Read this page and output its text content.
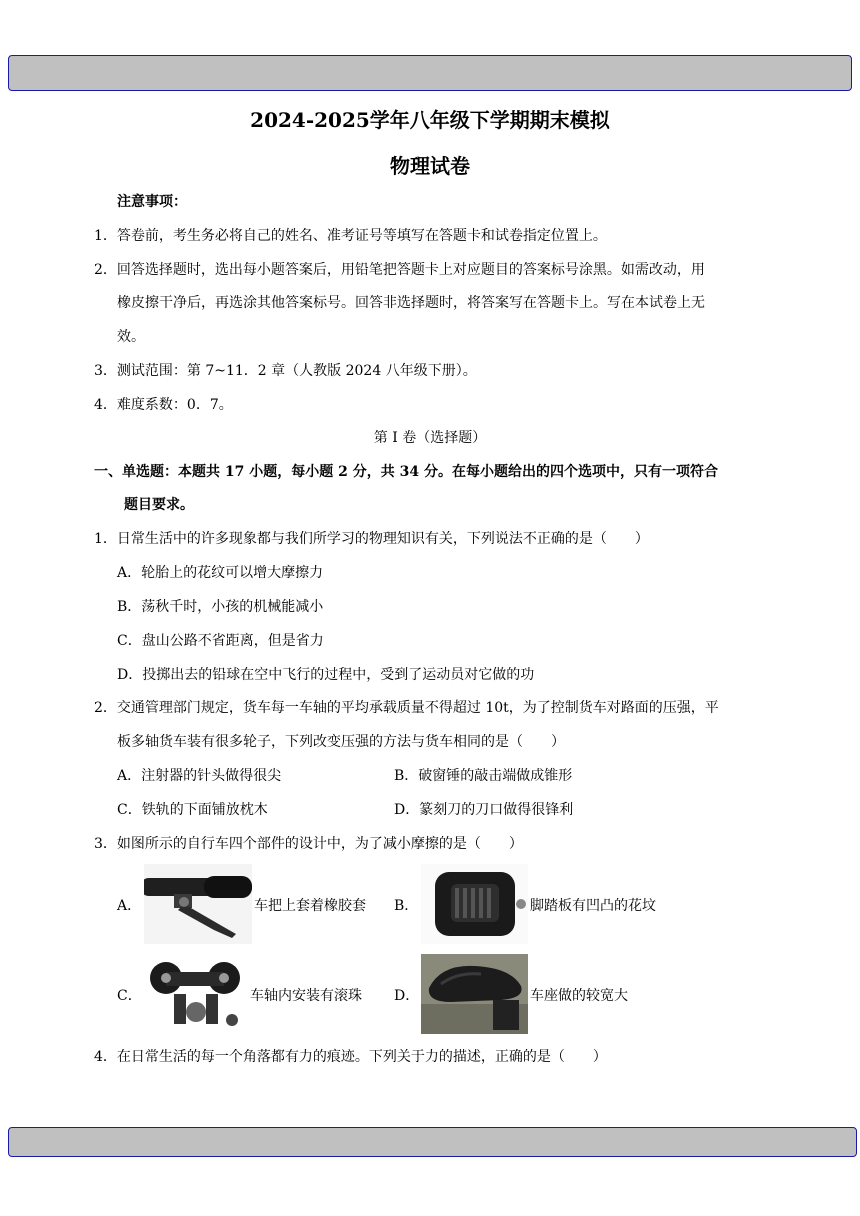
2024-2025学年八年级下学期期末模拟
物理试卷
注意事项：
1．答卷前，考生务必将自己的姓名、准考证号等填写在答题卡和试卷指定位置上。
2．回答选择题时，选出每小题答案后，用铅笔把答题卡上对应题目的答案标号涂黑。如需改动，用
橡皮擦干净后，再选涂其他答案标号。回答非选择题时，将答案写在答题卡上。写在本试卷上无
效。
3．测试范围：第 7~11．2 章（人教版 2024 八年级下册）。
4．难度系数：0．7。
第 I 卷（选择题）
一、单选题：本题共 17 小题，每小题 2 分，共 34 分。在每小题给出的四个选项中，只有一项符合
题目要求。
1．日常生活中的许多现象都与我们所学习的物理知识有关，下列说法不正确的是（　　）
A．轮胎上的花纹可以增大摩擦力
B．荡秋千时，小孩的机械能减小
C．盘山公路不省距离，但是省力
D．投掷出去的铅球在空中飞行的过程中，受到了运动员对它做的功
2．交通管理部门规定，货车每一车轴的平均承载质量不得超过 10t，为了控制货车对路面的压强，平
板多轴货车装有很多轮子，下列改变压强的方法与货车相同的是（　　）
A．注射器的针头做得很尖	B．破窗锤的敲击端做成锥形
C．铁轨的下面铺放枕木	D．篆刻刀的刀口做得很锋利
3．如图所示的自行车四个部件的设计中，为了减小摩擦的是（　　）
A．	车把上套着橡胶套 B．	脚踏板有凹凸的花坟
C．	车轴内安装有滚珠 D．	车座做的较宽大
4．在日常生活的每一个角落都有力的痕迹。下列关于力的描述，正确的是（　　）
